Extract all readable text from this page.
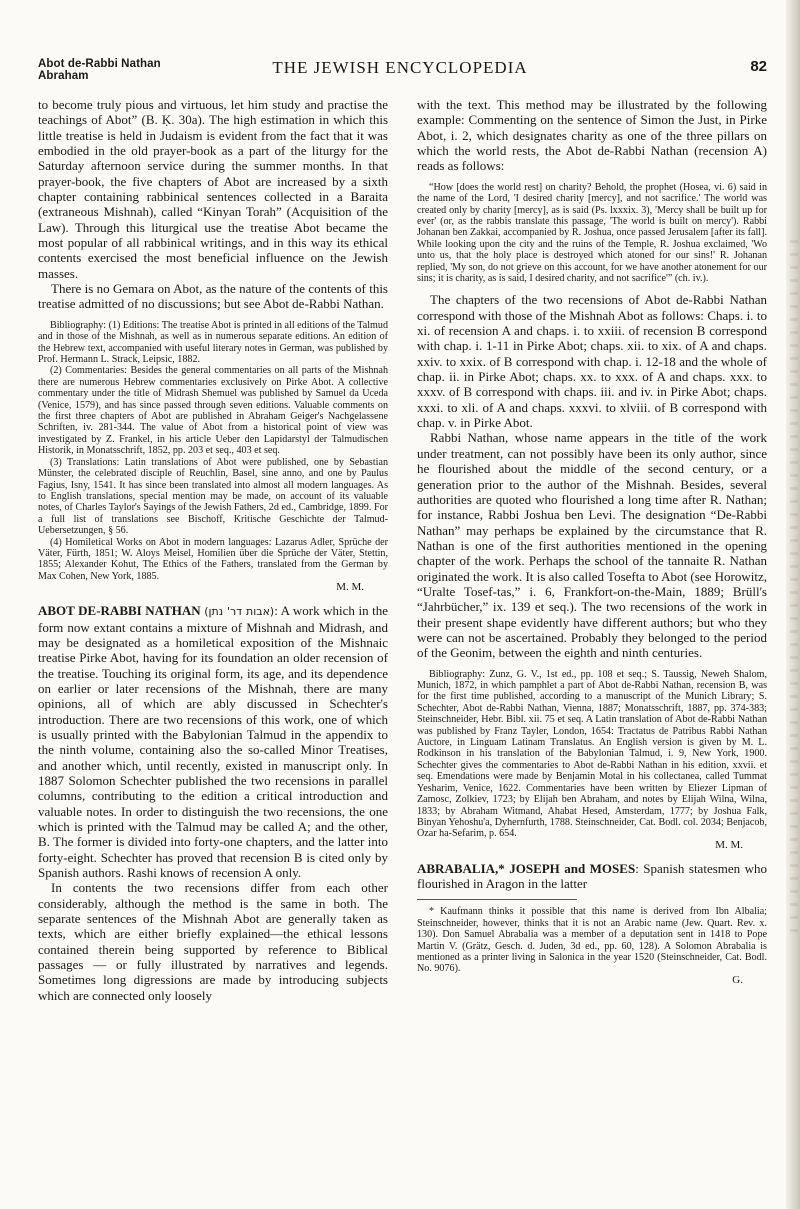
Abot de-Rabbi Nathan
Abraham	THE JEWISH ENCYCLOPEDIA	82

to become truly pious and virtuous, let him study and practise the teachings of Abot” (B. Ḳ. 30a). The high estimation in which this little treatise is held in Judaism is evident from the fact that it was embodied in the old prayer-book as a part of the liturgy for the Saturday afternoon service during the summer months. In that prayer-book, the five chapters of Abot are increased by a sixth chapter containing rabbinical sentences collected in a Baraita (extraneous Mishnah), called “Kinyan Torah” (Acquisition of the Law). Through this liturgical use the treatise Abot became the most popular of all rabbinical writings, and in this way its ethical contents exercised the most beneficial influence on the Jewish masses.

There is no Gemara on Abot, as the nature of the contents of this treatise admitted of no discussions; but see Abot de-Rabbi Nathan.

Bibliography: (1) Editions: The treatise Abot is printed in all editions of the Talmud and in those of the Mishnah, as well as in numerous separate editions. An edition of the Hebrew text, accompanied with useful literary notes in German, was published by Prof. Hermann L. Strack, Leipsic, 1882.

(2) Commentaries: Besides the general commentaries on all parts of the Mishnah there are numerous Hebrew commentaries exclusively on Pirke Abot. A collective commentary under the title of Midrash Shemuel was published by Samuel da Uceda (Venice, 1579), and has since passed through seven editions. Valuable comments on the first three chapters of Abot are published in Abraham Geiger's Nachgelassene Schriften, iv. 281-344. The value of Abot from a historical point of view was investigated by Z. Frankel, in his article Ueber den Lapidarstyl der Talmudischen Historik, in Monatsschrift, 1852, pp. 203 et seq., 403 et seq.

(3) Translations: Latin translations of Abot were published, one by Sebastian Münster, the celebrated disciple of Reuchlin, Basel, sine anno, and one by Paulus Fagius, Isny, 1541. It has since been translated into almost all modern languages. As to English translations, special mention may be made, on account of its valuable notes, of Charles Taylor's Sayings of the Jewish Fathers, 2d ed., Cambridge, 1899. For a full list of translations see Bischoff, Kritische Geschichte der Talmud-Uebersetzungen, § 56.

(4) Homiletical Works on Abot in modern languages: Lazarus Adler, Sprüche der Väter, Fürth, 1851; W. Aloys Meisel, Homilien über die Sprüche der Väter, Stettin, 1855; Alexander Kohut, The Ethics of the Fathers, translated from the German by Max Cohen, New York, 1885.

M. M.

ABOT DE-RABBI NATHAN (אבות דר' נתן): A work which in the form now extant contains a mixture of Mishnah and Midrash, and may be designated as a homiletical exposition of the Mishnaic treatise Pirke Abot, having for its foundation an older recension of the treatise. Touching its original form, its age, and its dependence on earlier or later recensions of the Mishnah, there are many opinions, all of which are ably discussed in Schechter's introduction. There are two recensions of this work, one of which is usually printed with the Babylonian Talmud in the appendix to the ninth volume, containing also the so-called Minor Treatises, and another which, until recently, existed in manuscript only. In 1887 Solomon Schechter published the two recensions in parallel columns, contributing to the edition a critical introduction and valuable notes. In order to distinguish the two recensions, the one which is printed with the Talmud may be called A; and the other, B. The former is divided into forty-one chapters, and the latter into forty-eight. Schechter has proved that recension B is cited only by Spanish authors. Rashi knows of recension A only.

In contents the two recensions differ from each other considerably, although the method is the same in both. The separate sentences of the Mishnah Abot are generally taken as texts, which are either briefly explained—the ethical lessons contained therein being supported by reference to Biblical passages — or fully illustrated by narratives and legends. Sometimes long digressions are made by introducing subjects which are connected only loosely

with the text. This method may be illustrated by the following example: Commenting on the sentence of Simon the Just, in Pirke Abot, i. 2, which designates charity as one of the three pillars on which the world rests, the Abot de-Rabbi Nathan (recension A) reads as follows:

“How [does the world rest] on charity? Behold, the prophet (Hosea, vi. 6) said in the name of the Lord, 'I desired charity [mercy], and not sacrifice.' The world was created only by charity [mercy], as is said (Ps. lxxxix. 3), 'Mercy shall be built up for ever' (or, as the rabbis translate this passage, 'The world is built on mercy'). Rabbi Johanan ben Zakkai, accompanied by R. Joshua, once passed Jerusalem [after its fall]. While looking upon the city and the ruins of the Temple, R. Joshua exclaimed, 'Wo unto us, that the holy place is destroyed which atoned for our sins!' R. Johanan replied, 'My son, do not grieve on this account, for we have another atonement for our sins; it is charity, as is said, I desired charity, and not sacrifice'” (ch. iv.).

The chapters of the two recensions of Abot de-Rabbi Nathan correspond with those of the Mishnah Abot as follows: Chaps. i. to xi. of recension A and chaps. i. to xxiii. of recension B correspond with chap. i. 1-11 in Pirke Abot; chaps. xii. to xix. of A and chaps. xxiv. to xxix. of B correspond with chap. i. 12-18 and the whole of chap. ii. in Pirke Abot; chaps. xx. to xxx. of A and chaps. xxx. to xxxv. of B correspond with chaps. iii. and iv. in Pirke Abot; chaps. xxxi. to xli. of A and chaps. xxxvi. to xlviii. of B correspond with chap. v. in Pirke Abot.

Rabbi Nathan, whose name appears in the title of the work under treatment, can not possibly have been its only author, since he flourished about the middle of the second century, or a generation prior to the author of the Mishnah. Besides, several authorities are quoted who flourished a long time after R. Nathan; for instance, Rabbi Joshua ben Levi. The designation “De-Rabbi Nathan” may perhaps be explained by the circumstance that R. Nathan is one of the first authorities mentioned in the opening chapter of the work. Perhaps the school of the tannaite R. Nathan originated the work. It is also called Tosefta to Abot (see Horowitz, “Uralte Tosef-tas,” i. 6, Frankfort-on-the-Main, 1889; Brüll's “Jahrbücher,” ix. 139 et seq.). The two recensions of the work in their present shape evidently have different authors; but who they were can not be ascertained. Probably they belonged to the period of the Geonim, between the eighth and ninth centuries.

Bibliography: Zunz, G. V., 1st ed., pp. 108 et seq.; S. Taussig, Neweh Shalom, Munich, 1872, in which pamphlet a part of Abot de-Rabbi Nathan, recension B, was for the first time published, according to a manuscript of the Munich Library; S. Schechter, Abot de-Rabbi Nathan, Vienna, 1887; Monatsschrift, 1887, pp. 374-383; Steinschneider, Hebr. Bibl. xii. 75 et seq. A Latin translation of Abot de-Rabbi Nathan was published by Franz Tayler, London, 1654: Tractatus de Patribus Rabbi Nathan Auctore, in Linguam Latinam Translatus. An English version is given by M. L. Rodkinson in his translation of the Babylonian Talmud, i. 9, New York, 1900. Schechter gives the commentaries to Abot de-Rabbi Nathan in his edition, xxvii. et seq. Emendations were made by Benjamin Motal in his collectanea, called Tummat Yesharim, Venice, 1622. Commentaries have been written by Eliezer Lipman of Zamosc, Zolkiev, 1723; by Elijah ben Abraham, and notes by Elijah Wilna, Wilna, 1833; by Abraham Witmand, Ahabat Hesed, Amsterdam, 1777; by Joshua Falk, Binyan Yehoshu'a, Dyhernfurth, 1788. Steinschneider, Cat. Bodl. col. 2034; Benjacob, Ozar ha-Sefarim, p. 654.

M. M.

ABRABALIA,* JOSEPH and MOSES: Spanish statesmen who flourished in Aragon in the latter

* Kaufmann thinks it possible that this name is derived from Ibn Albalia; Steinschneider, however, thinks that it is not an Arabic name (Jew. Quart. Rev. x. 130). Don Samuel Abrabalia was a member of a deputation sent in 1418 to Pope Martin V. (Grätz, Gesch. d. Juden, 3d ed., pp. 60, 128). A Solomon Abrabalia is mentioned as a printer living in Salonica in the year 1520 (Steinschneider, Cat. Bodl. No. 9076).

G.
